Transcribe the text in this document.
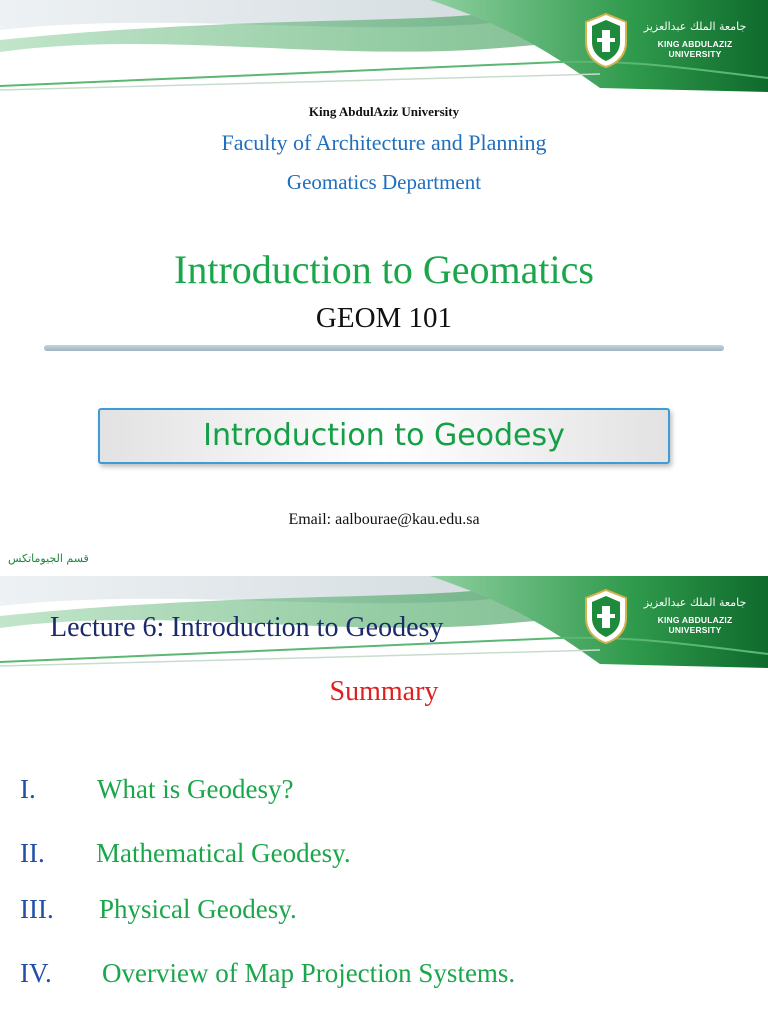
جامعة الملك عبدالعزيز
KING ABDULAZIZ UNIVERSITY
King AbdulAziz University
Faculty of Architecture and Planning
Geomatics Department
Introduction to Geomatics
GEOM 101
Introduction to Geodesy
Email: aalbourae@kau.edu.sa
قسم الجيوماتكس
جامعة الملك عبدالعزيز
KING ABDULAZIZ UNIVERSITY
Lecture 6: Introduction to Geodesy
Summary
I. What is Geodesy?
II. Mathematical Geodesy.
III. Physical Geodesy.
IV. Overview of Map Projection Systems.
